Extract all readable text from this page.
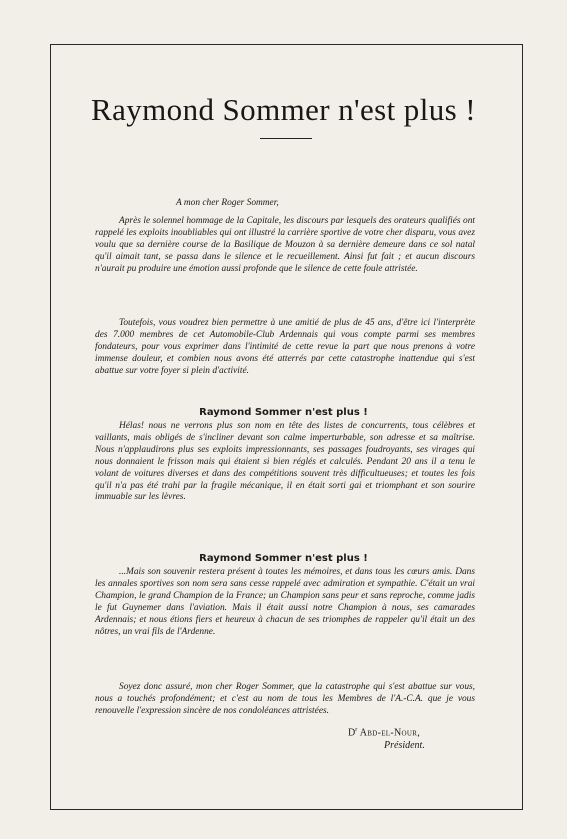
Raymond Sommer n'est plus !
A mon cher Roger Sommer,
Après le solennel hommage de la Capitale, les discours par lesquels des orateurs qualifiés ont rappelé les exploits inoubliables qui ont illustré la carrière sportive de votre cher disparu, vous avez voulu que sa dernière course de la Basilique de Mouzon à sa dernière demeure dans ce sol natal qu'il aimait tant, se passa dans le silence et le recueillement. Ainsi fut fait ; et aucun discours n'aurait pu produire une émotion aussi profonde que le silence de cette foule attristée.
Toutefois, vous voudrez bien permettre à une amitié de plus de 45 ans, d'être ici l'interprète des 7.000 membres de cet Automobile-Club Ardennais qui vous compte parmi ses membres fondateurs, pour vous exprimer dans l'intimité de cette revue la part que nous prenons à votre immense douleur, et combien nous avons été atterrés par cette catastrophe inattendue qui s'est abattue sur votre foyer si plein d'activité.
Raymond Sommer n'est plus !
Hélas! nous ne verrons plus son nom en tête des listes de concurrents, tous célèbres et vaillants, mais obligés de s'incliner devant son calme imperturbable, son adresse et sa maîtrise. Nous n'applaudirons plus ses exploits impressionnants, ses passages foudroyants, ses virages qui nous donnaient le frisson mais qui étaient si bien réglés et calculés. Pendant 20 ans il a tenu le volant de voitures diverses et dans des compétitions souvent très difficultueuses; et toutes les fois qu'il n'a pas été trahi par la fragile mécanique, il en était sorti gai et triomphant et son sourire immuable sur les lèvres.
Raymond Sommer n'est plus !
...Mais son souvenir restera présent à toutes les mémoires, et dans tous les cœurs amis. Dans les annales sportives son nom sera sans cesse rappelé avec admiration et sympathie. C'était un vrai Champion, le grand Champion de la France; un Champion sans peur et sans reproche, comme jadis le fut Guynemer dans l'aviation. Mais il était aussi notre Champion à nous, ses camarades Ardennais; et nous étions fiers et heureux à chacun de ses triomphes de rappeler qu'il était un des nôtres, un vrai fils de l'Ardenne.
Soyez donc assuré, mon cher Roger Sommer, que la catastrophe qui s'est abattue sur vous, nous a touchés profondément; et c'est au nom de tous les Membres de l'A.-C.A. que je vous renouvelle l'expression sincère de nos condoléances attristées.
$D^r$ Abd-el-Nour,
Président.
